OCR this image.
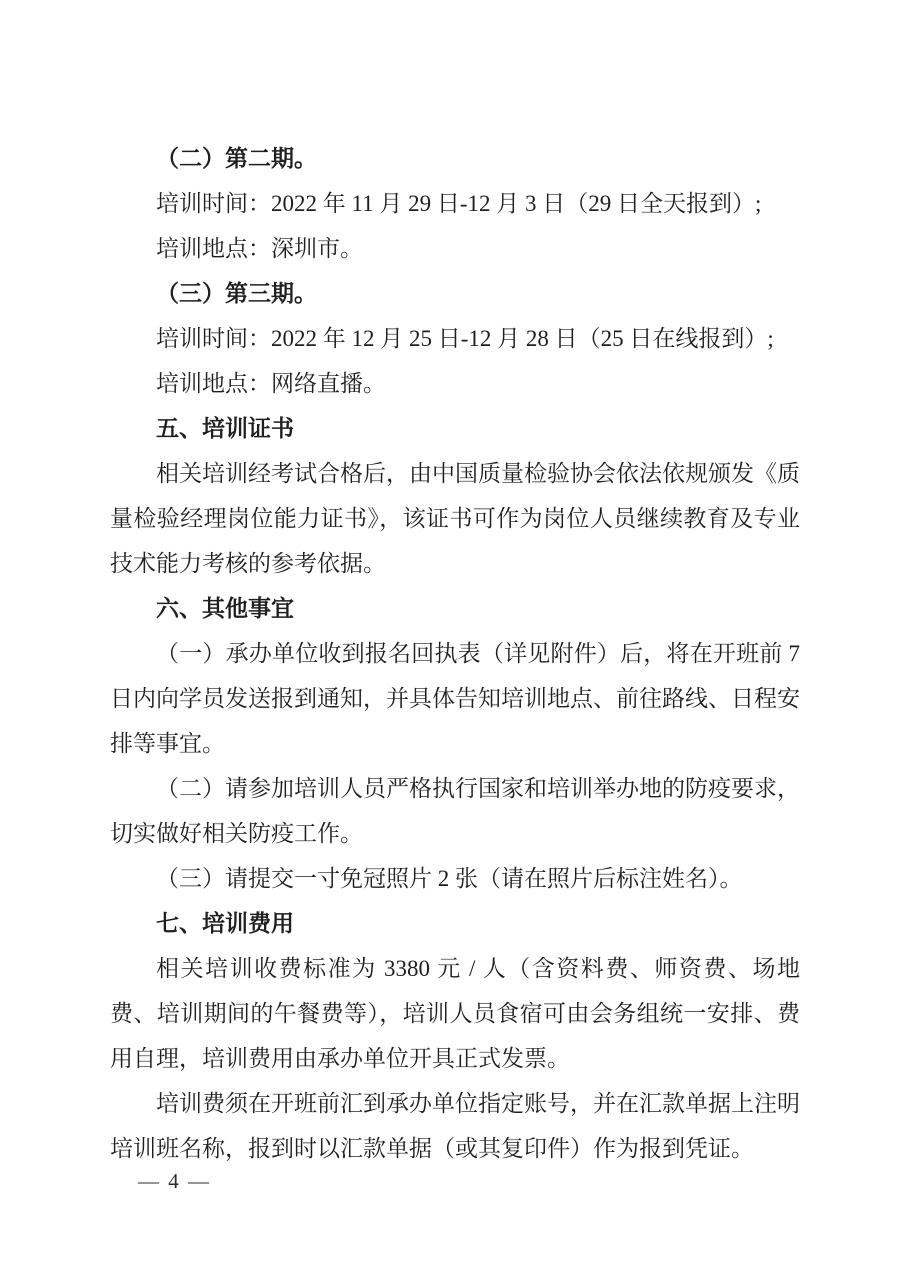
（二）第二期。

培训时间：2022 年 11 月 29 日-12 月 3 日（29 日全天报到）;

培训地点：深圳市。

（三）第三期。

培训时间：2022 年 12 月 25 日-12 月 28 日（25 日在线报到）;

培训地点：网络直播。

五、培训证书

相关培训经考试合格后，由中国质量检验协会依法依规颁发《质量检验经理岗位能力证书》，该证书可作为岗位人员继续教育及专业技术能力考核的参考依据。

六、其他事宜

（一）承办单位收到报名回执表（详见附件）后，将在开班前 7 日内向学员发送报到通知，并具体告知培训地点、前往路线、日程安排等事宜。

（二）请参加培训人员严格执行国家和培训举办地的防疫要求，切实做好相关防疫工作。

（三）请提交一寸免冠照片 2 张（请在照片后标注姓名）。

七、培训费用

相关培训收费标准为 3380 元 / 人（含资料费、师资费、场地费、培训期间的午餐费等），培训人员食宿可由会务组统一安排、费用自理，培训费用由承办单位开具正式发票。

培训费须在开班前汇到承办单位指定账号，并在汇款单据上注明培训班名称，报到时以汇款单据（或其复印件）作为报到凭证。

— 4 —
